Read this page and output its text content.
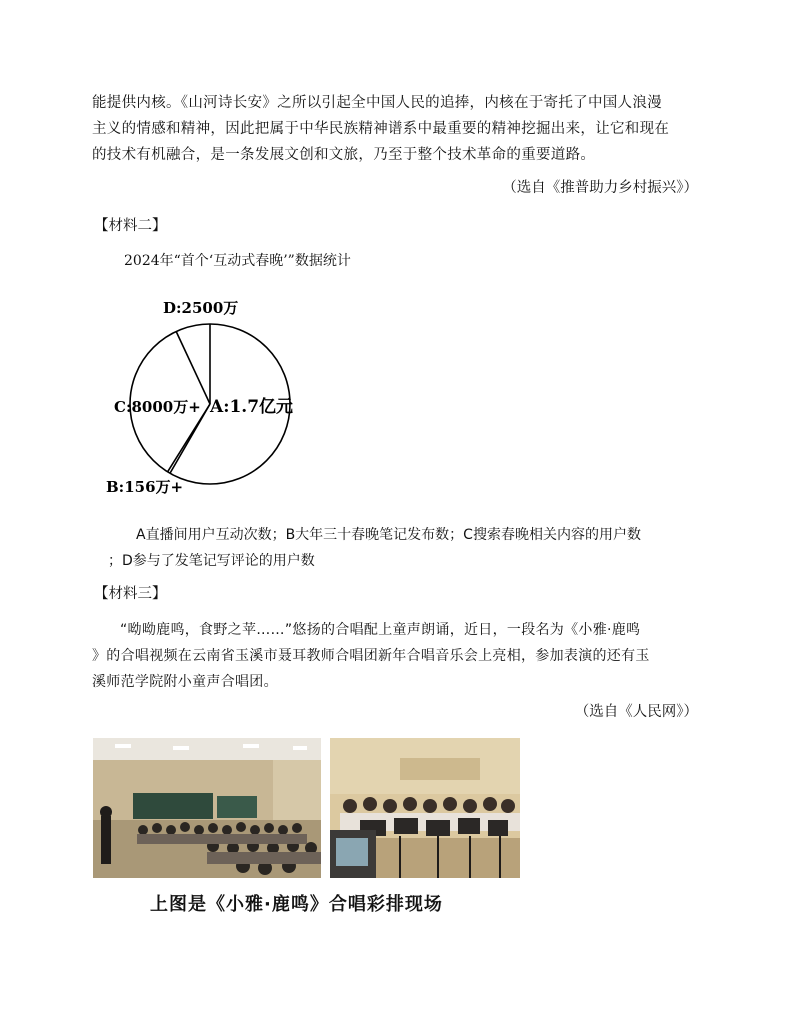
能提供内核。《山河诗长安》之所以引起全中国人民的追捧，内核在于寄托了中国人浪漫
主义的情感和精神，因此把属于中华民族精神谱系中最重要的精神挖掘出来，让它和现在
的技术有机融合，是一条发展文创和文旅，乃至于整个技术革命的重要道路。
（选自《推普助力乡村振兴》）
【材料二】
2024年“首个‘互动式春晚’”数据统计
A:1.7亿元
B:156万+
C:8000万+
D:2500万
A直播间用户互动次数；B大年三十春晚笔记发布数；C搜索春晚相关内容的用户数
；D参与了发笔记写评论的用户数
【材料三】
“呦呦鹿鸣，食野之苹……”悠扬的合唱配上童声朗诵，近日，一段名为《小雅·鹿鸣
》的合唱视频在云南省玉溪市聂耳教师合唱团新年合唱音乐会上亮相，参加表演的还有玉
溪师范学院附小童声合唱团。
（选自《人民网》）
上图是《小雅·鹿鸣》合唱彩排现场
